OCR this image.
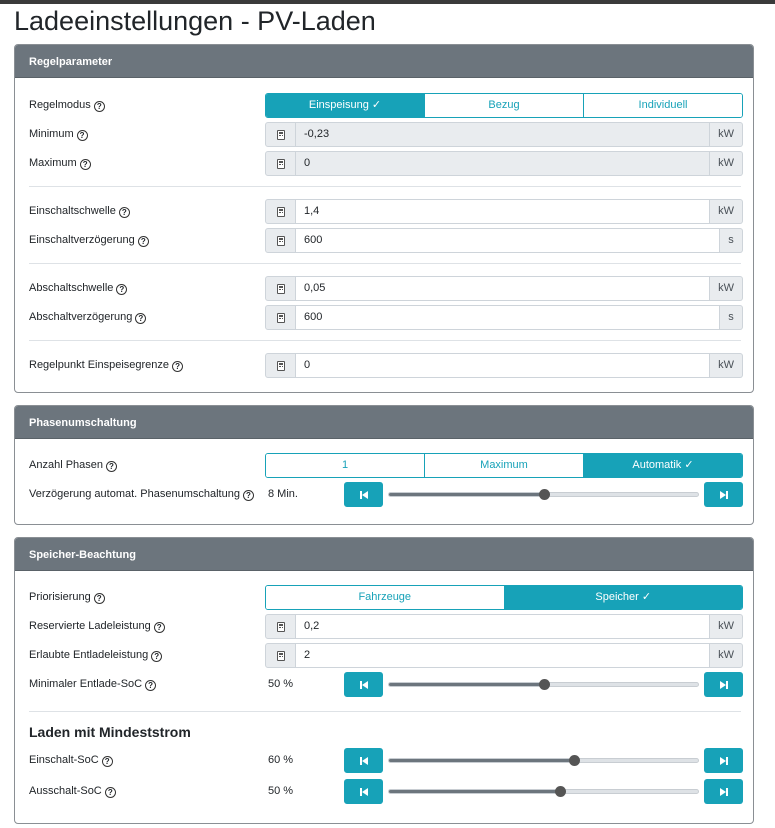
Ladeeinstellungen - PV-Laden
Regelparameter
Regelmodus ?	Einspeisung ✓	Bezug	Individuell
Minimum ?	-0,23	kW
Maximum ?	0	kW
Einschaltschwelle ?	1,4	kW
Einschaltverzögerung ?	600	s
Abschaltschwelle ?	0,05	kW
Abschaltverzögerung ?	600	s
Regelpunkt Einspeisegrenze ?	0	kW
Phasenumschaltung
Anzahl Phasen ?	1	Maximum	Automatik ✓
Verzögerung automat. Phasenumschaltung ? 8 Min.
Speicher-Beachtung
Priorisierung ?	Fahrzeuge	Speicher ✓
Reservierte Ladeleistung ?	0,2	kW
Erlaubte Entladeleistung ?	2	kW
Minimaler Entlade-SoC ?	50 %
Laden mit Mindeststrom
Einschalt-SoC ?	60 %
Ausschalt-SoC ?	50 %
